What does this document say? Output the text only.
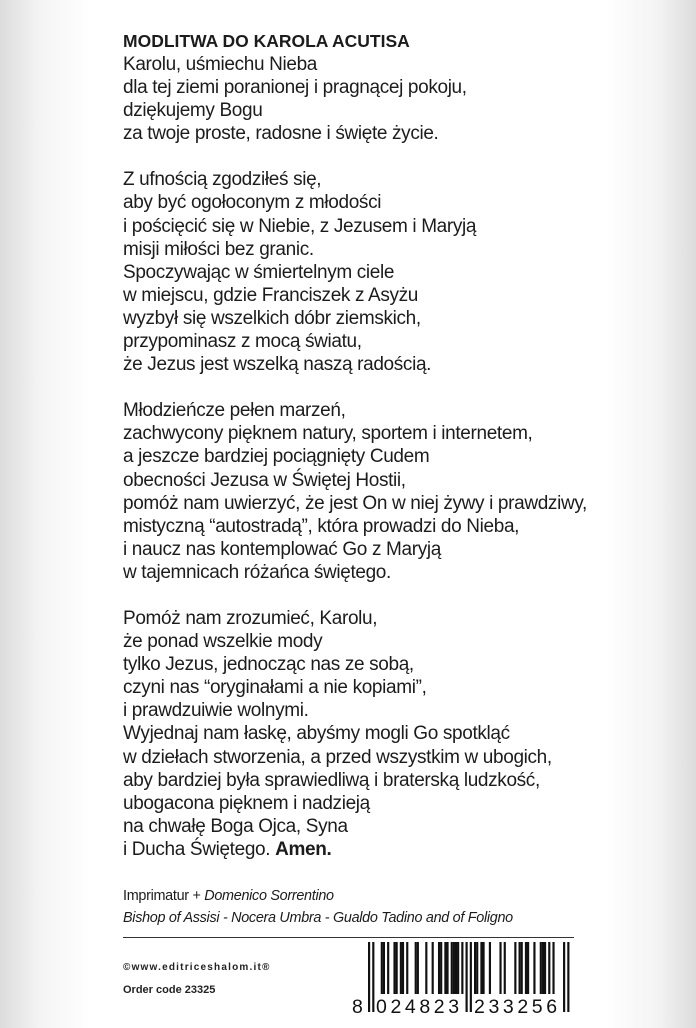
MODLITWA DO KAROLA ACUTISA
Karolu, uśmiechu Nieba
dla tej ziemi poranionej i pragnącej pokoju,
dziękujemy Bogu
za twoje proste, radosne i święte życie.
Z ufnością zgodziłeś się,
aby być ogołoconym z młodości
i pościęcić się w Niebie, z Jezusem i Maryją
misji miłości bez granic.
Spoczywając w śmiertelnym ciele
w miejscu, gdzie Franciszek z Asyżu
wyzbył się wszelkich dóbr ziemskich,
przypominasz z mocą światu,
że Jezus jest wszelką naszą radością.
Młodzieńcze pełen marzeń,
zachwycony pięknem natury, sportem i internetem,
a jeszcze bardziej pociągnięty Cudem
obecności Jezusa w Świętej Hostii,
pomóż nam uwierzyć, że jest On w niej żywy i prawdziwy,
mistyczną “autostradą”, która prowadzi do Nieba,
i naucz nas kontemplować Go z Maryją
w tajemnicach różańca świętego.
Pomóż nam zrozumieć, Karolu,
że ponad wszelkie mody
tylko Jezus, jednocząc nas ze sobą,
czyni nas “oryginałami a nie kopiami”,
i prawdzuiwie wolnymi.
Wyjednaj nam łaskę, abyśmy mogli Go spotkląć
w dziełach stworzenia, a przed wszystkim w ubogich,
aby bardziej była sprawiedliwą i braterską ludzkość,
ubogacona pięknem i nadzieją
na chwałę Boga Ojca, Syna
i Ducha Świętego. Amen.
Imprimatur + Domenico Sorrentino
Bishop of Assisi - Nocera Umbra - Gualdo Tadino and of Foligno
©www.editriceshalom.it®
Order code 23325
8 024823 233256
